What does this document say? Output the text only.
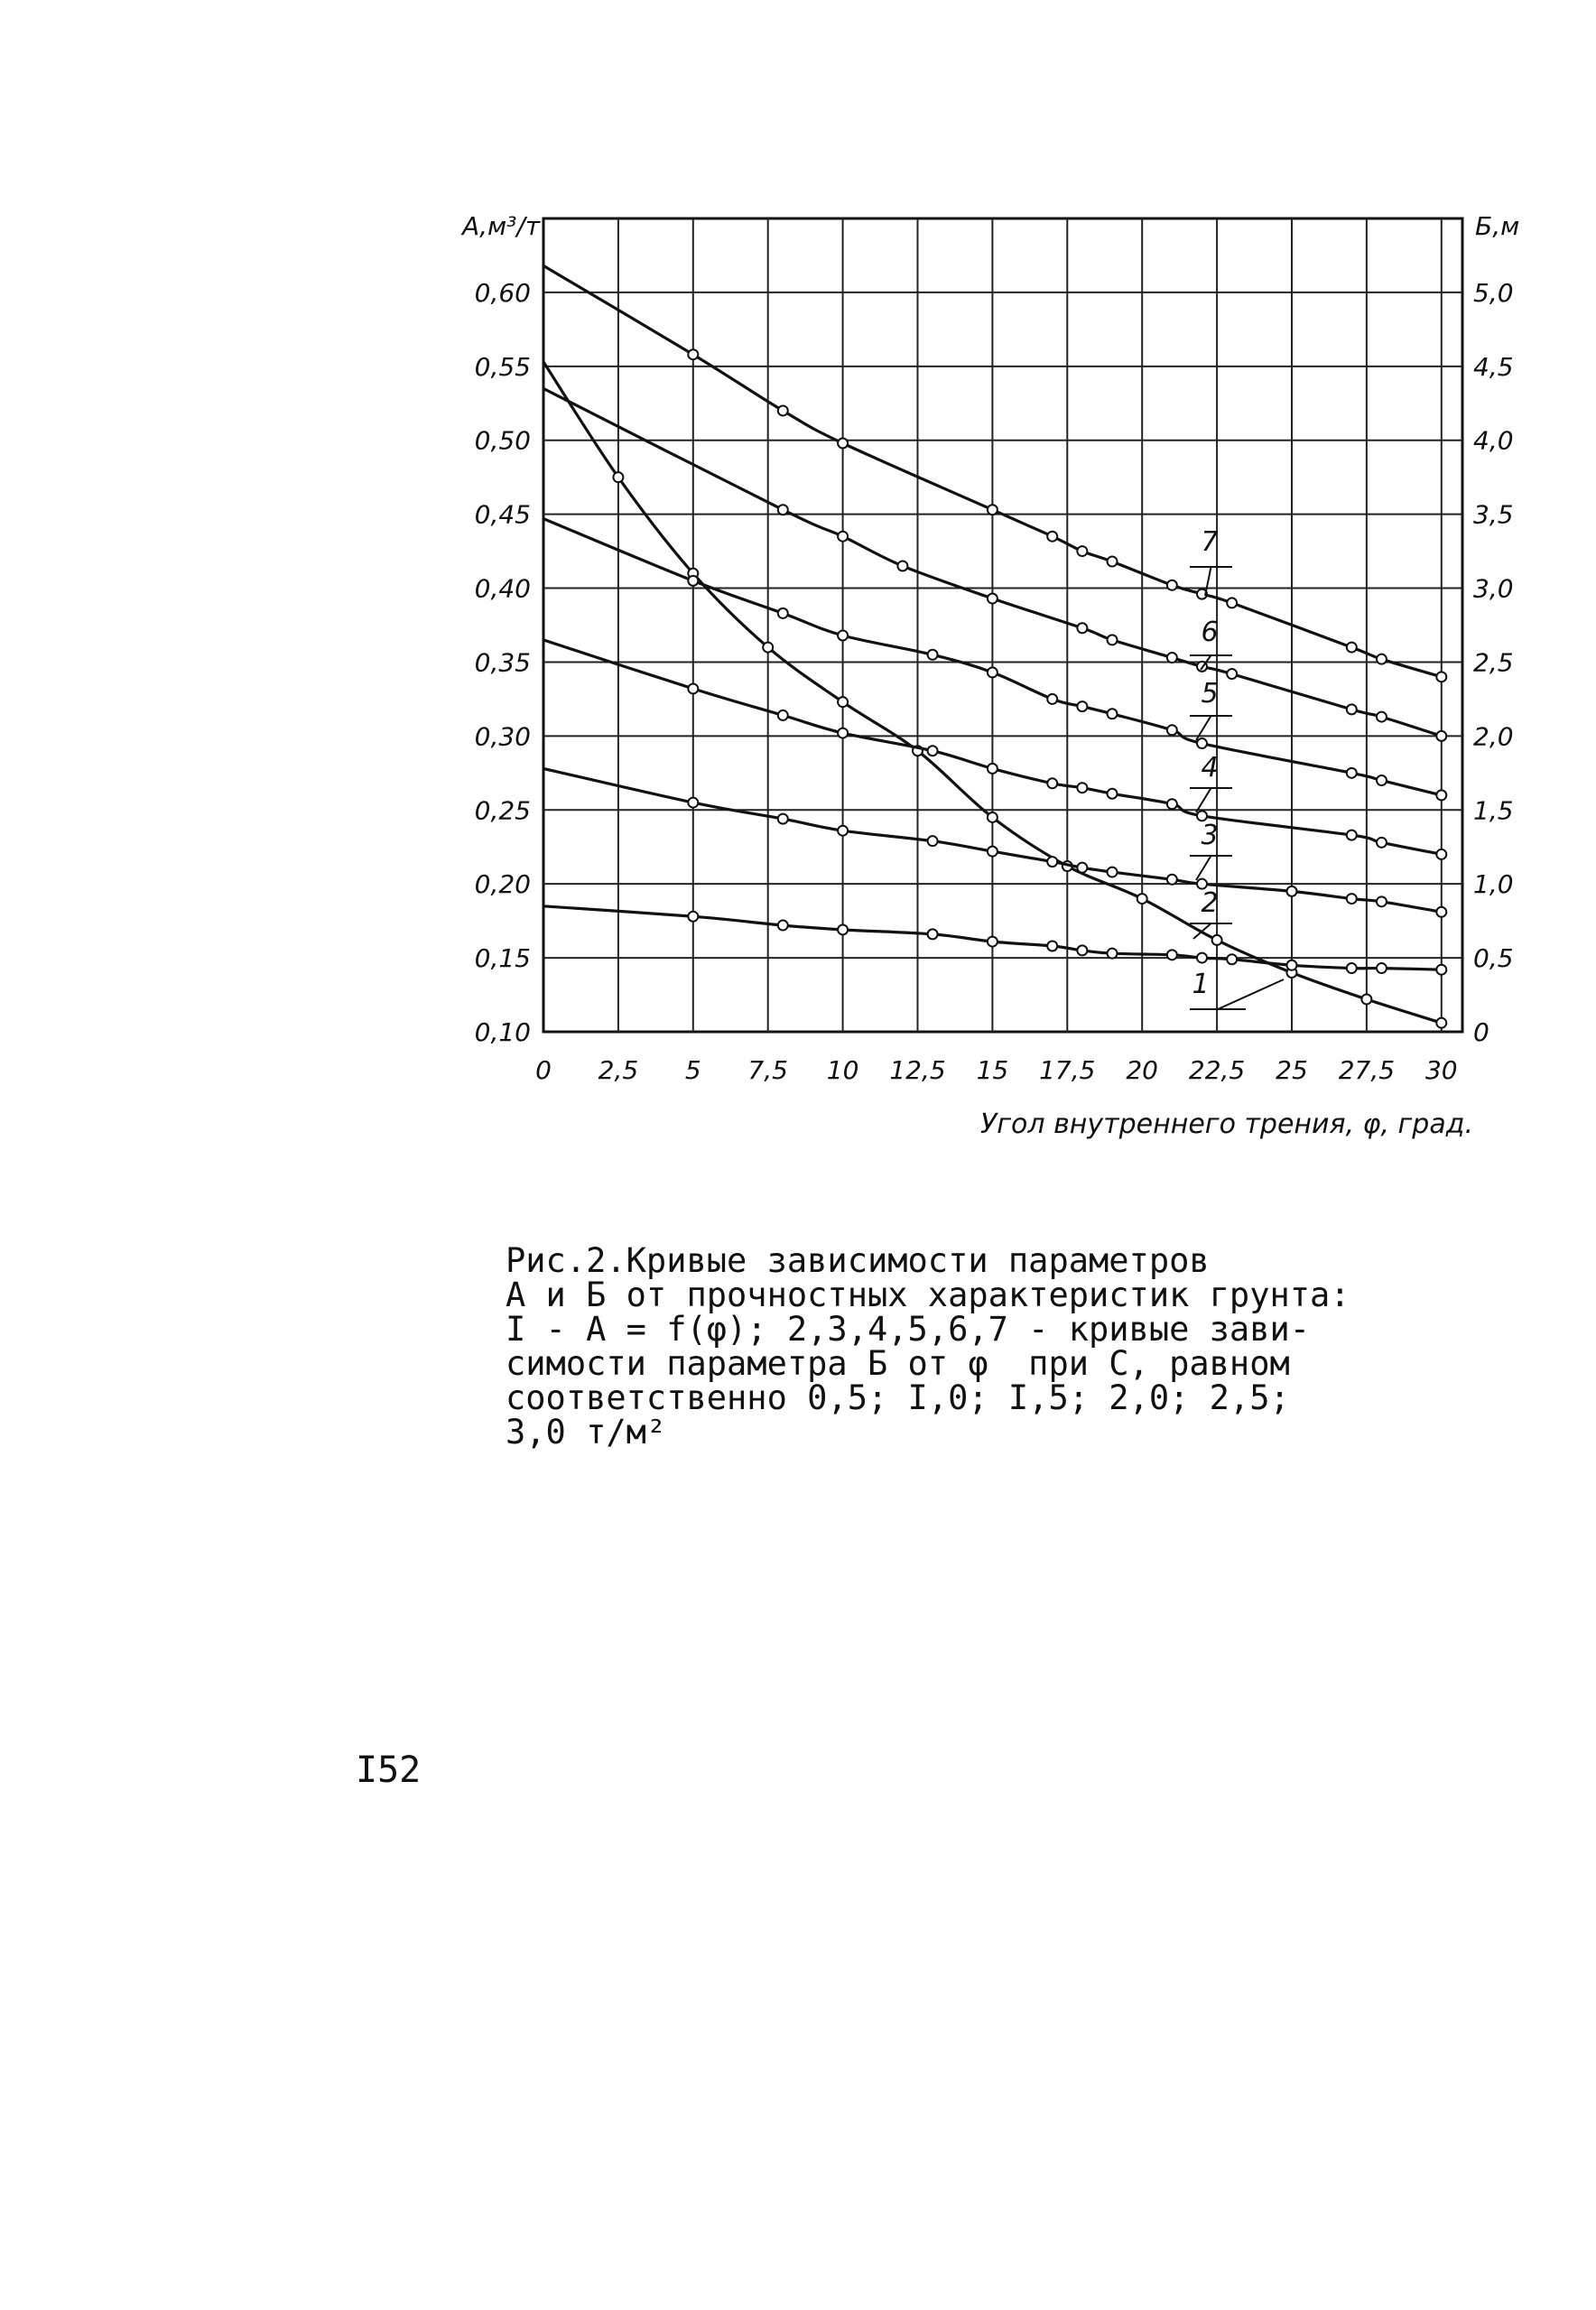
0,10
0,15
0,20
0,25
0,30
0,35
0,40
0,45
0,50
0,55
0,60
0
0,5
1,0
1,5
2,0
2,5
3,0
3,5
4,0
4,5
5,0
0 2,5 5 7,5 10 12,5 15 17,5 20 22,5 25 27,5 30
А,м³/т	Б,м
Угол внутреннего трения, φ, град.
7
6
5
4
3
2
1
Рис.2.Кривые зависимости параметров
А и Б от прочностных характеристик грунта:
I - А = f(φ); 2,3,4,5,6,7 - кривые зави-
симости параметра Б от φ  при С, равном
соответственно 0,5; I,0; I,5; 2,0; 2,5;
3,0 т/м²
I52
